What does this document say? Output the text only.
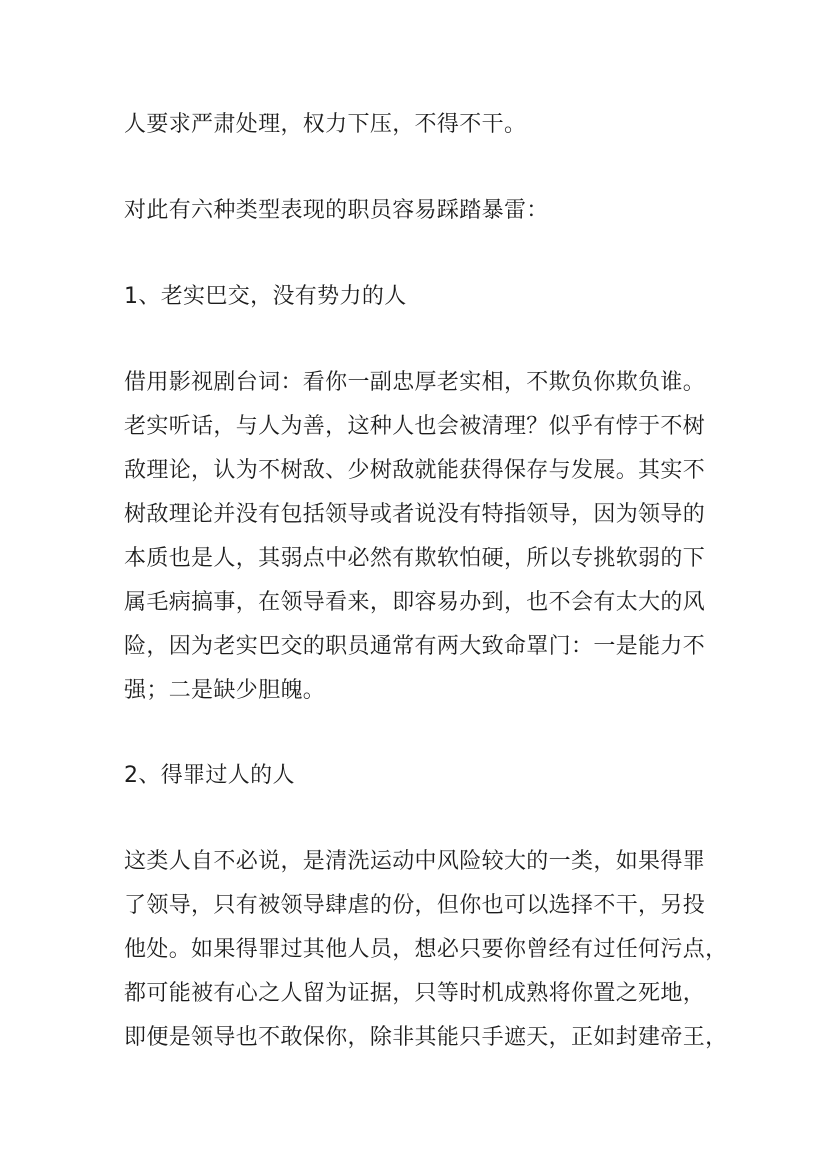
人要求严肃处理，权力下压，不得不干。

对此有六种类型表现的职员容易踩踏暴雷：

1、老实巴交，没有势力的人

借用影视剧台词：看你一副忠厚老实相，不欺负你欺负谁。

老实听话，与人为善，这种人也会被清理？似乎有悖于不树

敌理论，认为不树敌、少树敌就能获得保存与发展。其实不

树敌理论并没有包括领导或者说没有特指领导，因为领导的

本质也是人，其弱点中必然有欺软怕硬，所以专挑软弱的下

属毛病搞事，在领导看来，即容易办到，也不会有太大的风

险，因为老实巴交的职员通常有两大致命罩门：一是能力不

强；二是缺少胆魄。

2、得罪过人的人

这类人自不必说，是清洗运动中风险较大的一类，如果得罪

了领导，只有被领导肆虐的份，但你也可以选择不干，另投

他处。如果得罪过其他人员，想必只要你曾经有过任何污点，

都可能被有心之人留为证据，只等时机成熟将你置之死地，

即便是领导也不敢保你，除非其能只手遮天，正如封建帝王，
